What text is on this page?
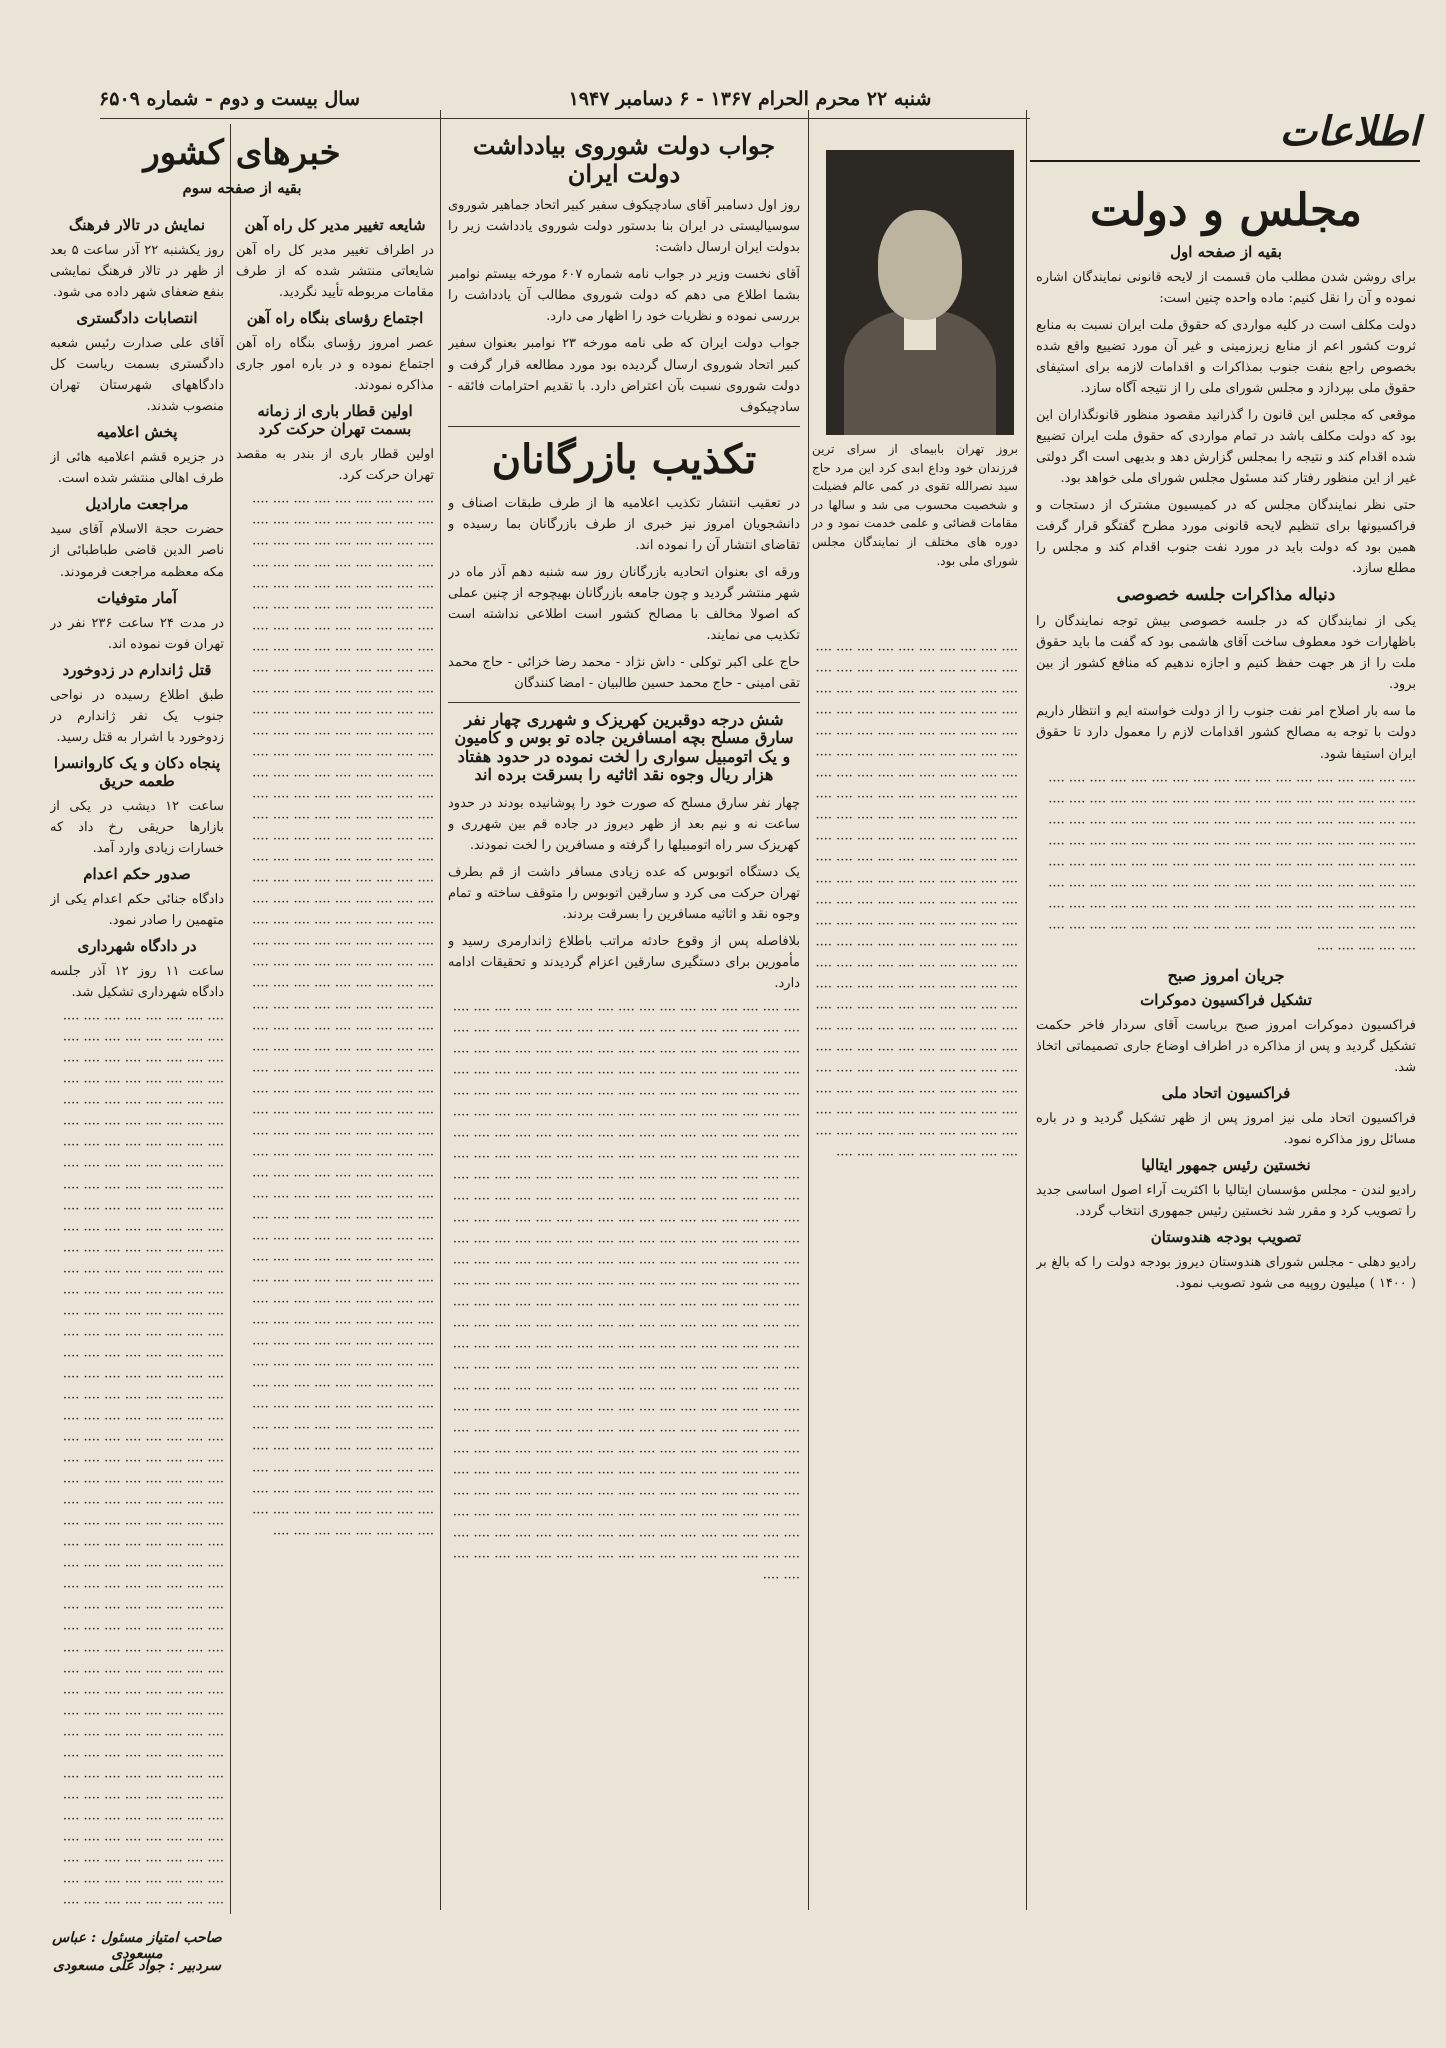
شنبه ۲۲ محرم الحرام ۱۳۶۷ - ۶ دسامبر ۱۹۴۷
سال بیست و دوم - شماره ۶۵۰۹
اطلاعات
مجلس و دولت
بقیه از صفحه اول

برای روشن شدن مطلب مان قسمت از لایحه قانونی نمایندگان اشاره نموده و آن را نقل کنیم: ماده واحده چنین است:

دولت مکلف است در کلیه مواردی که حقوق ملت ایران نسبت به منابع ثروت کشور اعم از منابع زیرزمینی و غیر آن مورد تضییع واقع شده بخصوص راجع بنفت جنوب بمذاکرات و اقدامات لازمه برای استیفای حقوق ملی بپردازد و مجلس شورای ملی را از نتیجه آگاه سازد.

موقعی که مجلس این قانون را گذرانید مقصود منظور قانونگذاران این بود که دولت مکلف باشد در تمام مواردی که حقوق ملت ایران تضییع شده اقدام کند و نتیجه را بمجلس گزارش دهد و بدیهی است اگر دولتی غیر از این منظور رفتار کند مسئول مجلس شورای ملی خواهد بود.

حتی نظر نمایندگان مجلس که در کمیسیون مشترک از دستجات و فراکسیونها برای تنظیم لایحه قانونی مورد مطرح گفتگو قرار گرفت همین بود که دولت باید در مورد نفت جنوب اقدام کند و مجلس را مطلع سازد.

دنباله مذاکرات جلسه خصوصی

یکی از نمایندگان که در جلسه خصوصی بیش توجه نمایندگان را باظهارات خود معطوف ساخت آقای هاشمی بود که گفت ما باید حقوق ملت را از هر جهت حفظ کنیم و اجازه ندهیم که منافع کشور از بین برود.

ما سه بار اصلاح امر نفت جنوب را از دولت خواسته ایم و انتظار داریم دولت با توجه به مصالح کشور اقدامات لازم را معمول دارد تا حقوق ایران استیفا شود.

···· ···· ···· ···· ···· ···· ···· ···· ···· ···· ···· ···· ···· ···· ···· ···· ···· ···· ···· ···· ···· ···· ···· ···· ···· ···· ···· ···· ···· ···· ···· ···· ···· ···· ···· ···· ···· ···· ···· ···· ···· ···· ···· ···· ···· ···· ···· ···· ···· ···· ···· ···· ···· ···· ···· ···· ···· ···· ···· ···· ···· ···· ···· ···· ···· ···· ···· ···· ···· ···· ···· ···· ···· ···· ···· ···· ···· ···· ···· ···· ···· ···· ···· ···· ···· ···· ···· ···· ···· ···· ···· ···· ···· ···· ···· ···· ···· ···· ···· ···· ···· ···· ···· ···· ···· ···· ···· ···· ···· ···· ···· ···· ···· ···· ···· ···· ···· ···· ···· ···· ···· ···· ···· ···· ···· ···· ···· ···· ···· ···· ···· ···· ···· ···· ···· ···· ···· ···· ···· ···· ···· ···· ···· ···· ···· ···· ···· ···· ····
جریان امروز صبح
تشکیل فراکسیون دموکرات

فراکسیون دموکرات امروز صبح بریاست آقای سردار فاخر حکمت تشکیل گردید و پس از مذاکره در اطراف اوضاع جاری تصمیماتی اتخاذ شد.

فراکسیون اتحاد ملی

فراکسیون اتحاد ملی نیز امروز پس از ظهر تشکیل گردید و در باره مسائل روز مذاکره نمود.

نخستین رئیس جمهور ایتالیا

رادیو لندن - مجلس مؤسسان ایتالیا با اکثریت آراء اصول اساسی جدید را تصویب کرد و مقرر شد نخستین رئیس جمهوری انتخاب گردد.

تصویب بودجه هندوستان

رادیو دهلی - مجلس شورای هندوستان دیروز بودجه دولت را که بالغ بر ( ۱۴۰۰ ) میلیون روپیه می شود تصویب نمود.

بروز تهران بابیمای از سرای ترین فرزندان خود وداع ابدی کرد این مرد حاج سید نصرالله تقوی در کمی عالم فضیلت و شخصیت محسوب می شد و سالها در مقامات قضائی و علمی خدمت نمود و در دوره های مختلف از نمایندگان مجلس شورای ملی بود.
···· ···· ···· ···· ···· ···· ···· ···· ···· ···· ···· ···· ···· ···· ···· ···· ···· ···· ···· ···· ···· ···· ···· ···· ···· ···· ···· ···· ···· ···· ···· ···· ···· ···· ···· ···· ···· ···· ···· ···· ···· ···· ···· ···· ···· ···· ···· ···· ···· ···· ···· ···· ···· ···· ···· ···· ···· ···· ···· ···· ···· ···· ···· ···· ···· ···· ···· ···· ···· ···· ···· ···· ···· ···· ···· ···· ···· ···· ···· ···· ···· ···· ···· ···· ···· ···· ···· ···· ···· ···· ···· ···· ···· ···· ···· ···· ···· ···· ···· ···· ···· ···· ···· ···· ···· ···· ···· ···· ···· ···· ···· ···· ···· ···· ···· ···· ···· ···· ···· ···· ···· ···· ···· ···· ···· ···· ···· ···· ···· ···· ···· ···· ···· ···· ···· ···· ···· ···· ···· ···· ···· ···· ···· ···· ···· ···· ···· ···· ···· ···· ···· ···· ···· ···· ···· ···· ···· ···· ···· ···· ···· ···· ···· ···· ···· ···· ···· ···· ···· ···· ···· ···· ···· ···· ···· ···· ···· ···· ···· ···· ···· ···· ···· ···· ···· ···· ···· ···· ···· ···· ···· ···· ···· ···· ···· ···· ···· ···· ···· ···· ···· ···· ···· ···· ···· ···· ···· ···· ···· ···· ···· ···· ···· ···· ···· ···· ···· ···· ···· ···· ···· ···· ···· ···· ···· ···· ···· ···· ···· ···· ···· ···· ···· ···· ···· ···· ···· ···· ···· ···· ···· ···· ···· ···· ···· ···· ···· ···· ····
جواب دولت شوروی بیادداشت دولت ایران

روز اول دسامبر آقای سادچیکوف سفیر کبیر اتحاد جماهیر شوروی سوسیالیستی در ایران بنا بدستور دولت شوروی یادداشت زیر را بدولت ایران ارسال داشت:

آقای نخست وزیر در جواب نامه شماره ۶۰۷ مورخه بیستم نوامبر بشما اطلاع می دهم که دولت شوروی مطالب آن یادداشت را بررسی نموده و نظریات خود را اظهار می دارد.

جواب دولت ایران که طی نامه مورخه ۲۳ نوامبر بعنوان سفیر کبیر اتحاد شوروی ارسال گردیده بود مورد مطالعه قرار گرفت و دولت شوروی نسبت بآن اعتراض دارد. با تقدیم احترامات فائقه - سادچیکوف

تکذیب بازرگانان

در تعقیب انتشار تکذیب اعلامیه ها از طرف طبقات اصناف و دانشجویان امروز نیز خبری از طرف بازرگانان بما رسیده و تقاضای انتشار آن را نموده اند.

ورقه ای بعنوان اتحادیه بازرگانان روز سه شنبه دهم آذر ماه در شهر منتشر گردید و چون جامعه بازرگانان بهیچوجه از چنین عملی که اصولا مخالف با مصالح کشور است اطلاعی نداشته است تکذیب می نمایند.

حاج علی اکبر توکلی - داش نژاد - محمد رضا خزائی - حاج محمد تقی امینی - حاج محمد حسین طالبیان - امضا کنندگان

شش درجه دوقبرین کهریزک و شهرری چهار نفر سارق مسلح بچه امسافرین جاده تو بوس و کامیون و یک اتومبیل سواری را لخت نموده در حدود هفتاد هزار ریال وجوه نقد اثاثیه را بسرقت برده اند

چهار نفر سارق مسلح که صورت خود را پوشانیده بودند در حدود ساعت نه و نیم بعد از ظهر دیروز در جاده قم بین شهرری و کهریزک سر راه اتومبیلها را گرفته و مسافرین را لخت نمودند.

یک دستگاه اتوبوس که عده زیادی مسافر داشت از قم بطرف تهران حرکت می کرد و سارقین اتوبوس را متوقف ساخته و تمام وجوه نقد و اثاثیه مسافرین را بسرقت بردند.

بلافاصله پس از وقوع حادثه مراتب باطلاع ژاندارمری رسید و مأمورین برای دستگیری سارقین اعزام گردیدند و تحقیقات ادامه دارد.

···· ···· ···· ···· ···· ···· ···· ···· ···· ···· ···· ···· ···· ···· ···· ···· ···· ···· ···· ···· ···· ···· ···· ···· ···· ···· ···· ···· ···· ···· ···· ···· ···· ···· ···· ···· ···· ···· ···· ···· ···· ···· ···· ···· ···· ···· ···· ···· ···· ···· ···· ···· ···· ···· ···· ···· ···· ···· ···· ···· ···· ···· ···· ···· ···· ···· ···· ···· ···· ···· ···· ···· ···· ···· ···· ···· ···· ···· ···· ···· ···· ···· ···· ···· ···· ···· ···· ···· ···· ···· ···· ···· ···· ···· ···· ···· ···· ···· ···· ···· ···· ···· ···· ···· ···· ···· ···· ···· ···· ···· ···· ···· ···· ···· ···· ···· ···· ···· ···· ···· ···· ···· ···· ···· ···· ···· ···· ···· ···· ···· ···· ···· ···· ···· ···· ···· ···· ···· ···· ···· ···· ···· ···· ···· ···· ···· ···· ···· ···· ···· ···· ···· ···· ···· ···· ···· ···· ···· ···· ···· ···· ···· ···· ···· ···· ···· ···· ···· ···· ···· ···· ···· ···· ···· ···· ···· ···· ···· ···· ···· ···· ···· ···· ···· ···· ···· ···· ···· ···· ···· ···· ···· ···· ···· ···· ···· ···· ···· ···· ···· ···· ···· ···· ···· ···· ···· ···· ···· ···· ···· ···· ···· ···· ···· ···· ···· ···· ···· ···· ···· ···· ···· ···· ···· ···· ···· ···· ···· ···· ···· ···· ···· ···· ···· ···· ···· ···· ···· ···· ···· ···· ···· ···· ···· ···· ···· ···· ···· ···· ···· ···· ···· ···· ···· ···· ···· ···· ···· ···· ···· ···· ···· ···· ···· ···· ···· ···· ···· ···· ···· ···· ···· ···· ···· ···· ···· ···· ···· ···· ···· ···· ···· ···· ···· ···· ···· ···· ···· ···· ···· ···· ···· ···· ···· ···· ···· ···· ···· ···· ···· ···· ···· ···· ···· ···· ···· ···· ···· ···· ···· ···· ···· ···· ···· ···· ···· ···· ···· ···· ···· ···· ···· ···· ···· ···· ···· ···· ···· ···· ···· ···· ···· ···· ···· ···· ···· ···· ···· ···· ···· ···· ···· ···· ···· ···· ···· ···· ···· ···· ···· ···· ···· ···· ···· ···· ···· ···· ···· ···· ···· ···· ···· ···· ···· ···· ···· ···· ···· ···· ···· ···· ···· ···· ···· ···· ···· ···· ···· ···· ···· ···· ···· ···· ···· ···· ···· ···· ···· ···· ···· ···· ···· ···· ···· ···· ···· ···· ···· ···· ···· ···· ···· ···· ···· ···· ···· ···· ···· ···· ···· ···· ···· ···· ···· ···· ···· ···· ···· ···· ···· ···· ···· ···· ···· ···· ···· ···· ···· ···· ···· ···· ···· ···· ···· ···· ···· ···· ···· ···· ···· ···· ···· ···· ···· ···· ···· ···· ···· ···· ···· ···· ···· ···· ···· ···· ···· ···· ···· ···· ···· ····
خبرهای کشور
بقیه از صفحه سوم
شایعه تغییر مدیر کل راه آهن

در اطراف تغییر مدیر کل راه آهن شایعاتی منتشر شده که از طرف مقامات مربوطه تأیید نگردید.

اجتماع رؤسای بنگاه راه آهن

عصر امروز رؤسای بنگاه راه آهن اجتماع نموده و در باره امور جاری مذاکره نمودند.

اولین قطار باری از زمانه بسمت تهران حرکت کرد

اولین قطار باری از بندر به مقصد تهران حرکت کرد.

···· ···· ···· ···· ···· ···· ···· ···· ···· ···· ···· ···· ···· ···· ···· ···· ···· ···· ···· ···· ···· ···· ···· ···· ···· ···· ···· ···· ···· ···· ···· ···· ···· ···· ···· ···· ···· ···· ···· ···· ···· ···· ···· ···· ···· ···· ···· ···· ···· ···· ···· ···· ···· ···· ···· ···· ···· ···· ···· ···· ···· ···· ···· ···· ···· ···· ···· ···· ···· ···· ···· ···· ···· ···· ···· ···· ···· ···· ···· ···· ···· ···· ···· ···· ···· ···· ···· ···· ···· ···· ···· ···· ···· ···· ···· ···· ···· ···· ···· ···· ···· ···· ···· ···· ···· ···· ···· ···· ···· ···· ···· ···· ···· ···· ···· ···· ···· ···· ···· ···· ···· ···· ···· ···· ···· ···· ···· ···· ···· ···· ···· ···· ···· ···· ···· ···· ···· ···· ···· ···· ···· ···· ···· ···· ···· ···· ···· ···· ···· ···· ···· ···· ···· ···· ···· ···· ···· ···· ···· ···· ···· ···· ···· ···· ···· ···· ···· ···· ···· ···· ···· ···· ···· ···· ···· ···· ···· ···· ···· ···· ···· ···· ···· ···· ···· ···· ···· ···· ···· ···· ···· ···· ···· ···· ···· ···· ···· ···· ···· ···· ···· ···· ···· ···· ···· ···· ···· ···· ···· ···· ···· ···· ···· ···· ···· ···· ···· ···· ···· ···· ···· ···· ···· ···· ···· ···· ···· ···· ···· ···· ···· ···· ···· ···· ···· ···· ···· ···· ···· ···· ···· ···· ···· ···· ···· ···· ···· ···· ···· ···· ···· ···· ···· ···· ···· ···· ···· ···· ···· ···· ···· ···· ···· ···· ···· ···· ···· ···· ···· ···· ···· ···· ···· ···· ···· ···· ···· ···· ···· ···· ···· ···· ···· ···· ···· ···· ···· ···· ···· ···· ···· ···· ···· ···· ···· ···· ···· ···· ···· ···· ···· ···· ···· ···· ···· ···· ···· ···· ···· ···· ···· ···· ···· ···· ···· ···· ···· ···· ···· ···· ···· ···· ···· ···· ···· ···· ···· ···· ···· ···· ···· ···· ···· ···· ···· ···· ···· ···· ···· ···· ···· ···· ···· ···· ···· ···· ···· ···· ···· ···· ···· ···· ···· ···· ···· ···· ···· ···· ···· ···· ···· ···· ···· ···· ···· ···· ···· ···· ···· ···· ···· ···· ···· ···· ···· ···· ···· ···· ···· ···· ···· ···· ···· ···· ···· ···· ···· ···· ···· ···· ···· ···· ···· ···· ···· ···· ···· ···· ···· ···· ···· ···· ···· ···· ···· ···· ···· ···· ···· ···· ···· ···· ···· ···· ···· ···· ···· ···· ···· ···· ···· ···· ···· ···· ···· ···· ···· ···· ···· ···· ···· ···· ···· ···· ···· ···· ···· ···· ···· ···· ···· ···· ···· ···· ···· ···· ···· ···· ····
نمایش در تالار فرهنگ

روز یکشنبه ۲۲ آذر ساعت ۵ بعد از ظهر در تالار فرهنگ نمایشی بنفع ضعفای شهر داده می شود.

انتصابات دادگستری

آقای علی صدارت رئیس شعبه دادگستری بسمت ریاست کل دادگاههای شهرستان تهران منصوب شدند.

پخش اعلامیه

در جزیره قشم اعلامیه هائی از طرف اهالی منتشر شده است.

مراجعت مارادیل

حضرت حجة الاسلام آقای سید ناصر الدین قاضی طباطبائی از مکه معظمه مراجعت فرمودند.

آمار متوفیات

در مدت ۲۴ ساعت ۲۳۶ نفر در تهران فوت نموده اند.

قتل ژاندارم در زدوخورد

طبق اطلاع رسیده در نواحی جنوب یک نفر ژاندارم در زدوخورد با اشرار به قتل رسید.

پنجاه دکان و یک کاروانسرا طعمه حریق

ساعت ۱۲ دیشب در یکی از بازارها حریقی رخ داد که خسارات زیادی وارد آمد.

صدور حکم اعدام

دادگاه جنائی حکم اعدام یکی از متهمین را صادر نمود.

در دادگاه شهرداری

ساعت ۱۱ روز ۱۲ آذر جلسه دادگاه شهرداری تشکیل شد.

···· ···· ···· ···· ···· ···· ···· ···· ···· ···· ···· ···· ···· ···· ···· ···· ···· ···· ···· ···· ···· ···· ···· ···· ···· ···· ···· ···· ···· ···· ···· ···· ···· ···· ···· ···· ···· ···· ···· ···· ···· ···· ···· ···· ···· ···· ···· ···· ···· ···· ···· ···· ···· ···· ···· ···· ···· ···· ···· ···· ···· ···· ···· ···· ···· ···· ···· ···· ···· ···· ···· ···· ···· ···· ···· ···· ···· ···· ···· ···· ···· ···· ···· ···· ···· ···· ···· ···· ···· ···· ···· ···· ···· ···· ···· ···· ···· ···· ···· ···· ···· ···· ···· ···· ···· ···· ···· ···· ···· ···· ···· ···· ···· ···· ···· ···· ···· ···· ···· ···· ···· ···· ···· ···· ···· ···· ···· ···· ···· ···· ···· ···· ···· ···· ···· ···· ···· ···· ···· ···· ···· ···· ···· ···· ···· ···· ···· ···· ···· ···· ···· ···· ···· ···· ···· ···· ···· ···· ···· ···· ···· ···· ···· ···· ···· ···· ···· ···· ···· ···· ···· ···· ···· ···· ···· ···· ···· ···· ···· ···· ···· ···· ···· ···· ···· ···· ···· ···· ···· ···· ···· ···· ···· ···· ···· ···· ···· ···· ···· ···· ···· ···· ···· ···· ···· ···· ···· ···· ···· ···· ···· ···· ···· ···· ···· ···· ···· ···· ···· ···· ···· ···· ···· ···· ···· ···· ···· ···· ···· ···· ···· ···· ···· ···· ···· ···· ···· ···· ···· ···· ···· ···· ···· ···· ···· ···· ···· ···· ···· ···· ···· ···· ···· ···· ···· ···· ···· ···· ···· ···· ···· ···· ···· ···· ···· ···· ···· ···· ···· ···· ···· ···· ···· ···· ···· ···· ···· ···· ···· ···· ···· ···· ···· ···· ···· ···· ···· ···· ···· ···· ···· ···· ···· ···· ···· ···· ···· ···· ···· ···· ···· ···· ···· ···· ···· ···· ···· ···· ···· ···· ···· ···· ···· ···· ···· ···· ···· ···· ···· ···· ···· ···· ···· ···· ···· ···· ···· ···· ···· ···· ···· ···· ···· ···· ···· ···· ···· ···· ···· ···· ···· ···· ···· ····
صاحب امتیاز مسئول : عباس مسعودی
سردبیر : جواد علی مسعودی
